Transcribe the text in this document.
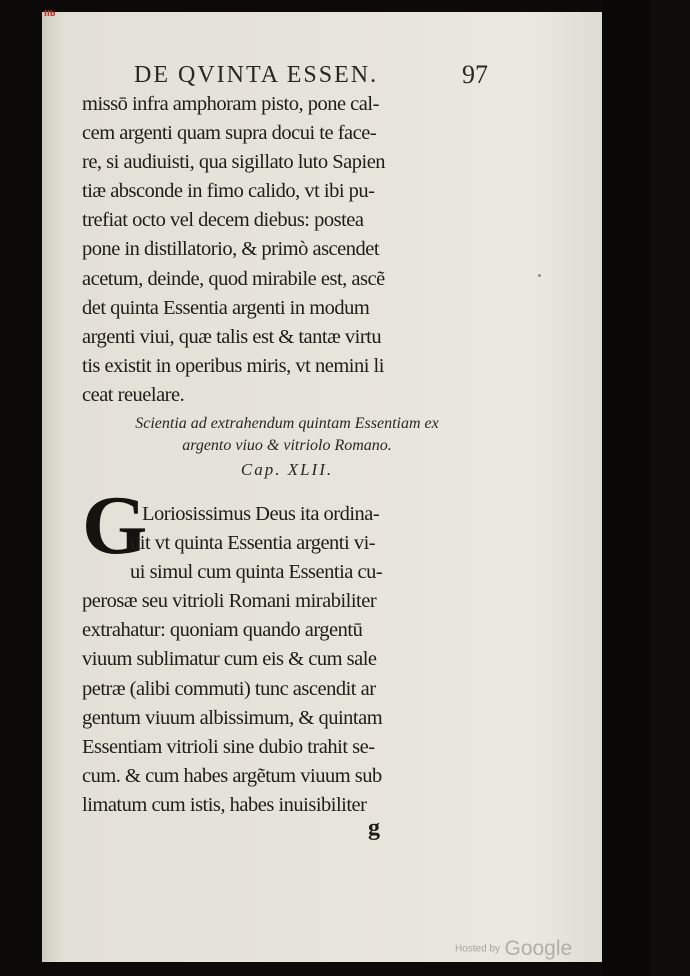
Ilb
DE QVINTA ESSEN.	97
missō infra amphoram pisto, pone cal-
cem argenti quam supra docui te face-
re, si audiuisti, qua sigillato luto Sapien
tiæ absconde in fimo calido, vt ibi pu-
trefiat octo vel decem diebus: postea
pone in distillatorio, & primò ascendet
acetum, deinde, quod mirabile est, ascẽ
det quinta Essentia argenti in modum
argenti viui, quæ talis est & tantæ virtu
tis existit in operibus miris, vt nemini li
ceat reuelare.
Scientia ad extrahendum quintam Essentiam ex
argento viuo & vitriolo Romano.
Cap. XLII.
G
Loriosissimus Deus ita ordina-
uit vt quinta Essentia argenti vi-
ui simul cum quinta Essentia cu-
perosæ seu vitrioli Romani mirabiliter
extrahatur: quoniam quando argentū
viuum sublimatur cum eis & cum sale
petræ (alibi commuti) tunc ascendit ar
gentum viuum albissimum, & quintam
Essentiam vitrioli sine dubio trahit se-
cum. & cum habes argẽtum viuum sub
limatum cum istis, habes inuisibiliter
g
Hosted by Google
